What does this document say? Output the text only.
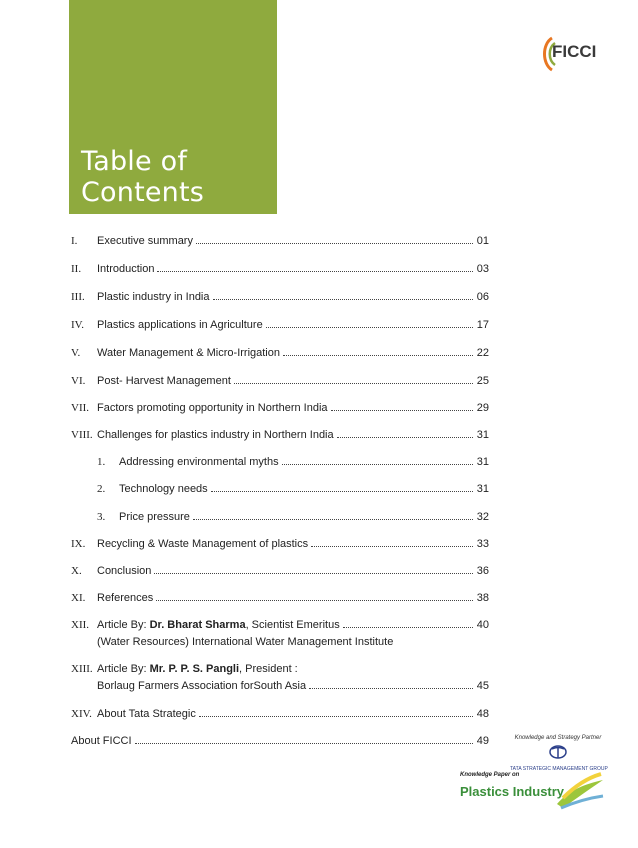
Table of Contents
FICCI
I. Executive summary	01
II. Introduction	03
III. Plastic industry in India	06
IV. Plastics applications in Agriculture	17
V. Water Management & Micro-Irrigation	22
VI. Post- Harvest Management	25
VII. Factors promoting opportunity in Northern India	29
VIII. Challenges for plastics industry in Northern India	31
1. Addressing environmental myths	31
2. Technology needs	31
3. Price pressure	32
IX. Recycling & Waste Management of plastics	33
X. Conclusion	36
XI. References	38
XII. Article By: Dr. Bharat Sharma, Scientist Emeritus	40
(Water Resources) International Water Management Institute
XIII. Article By: Mr. P. P. S. Pangli, President :
Borlaug Farmers Association forSouth Asia	45
XIV. About Tata Strategic	48
About FICCI	49	Knowledge and Strategy Partner
TATA STRATEGIC MANAGEMENT GROUP
Knowledge Paper on
Plastics Industry
